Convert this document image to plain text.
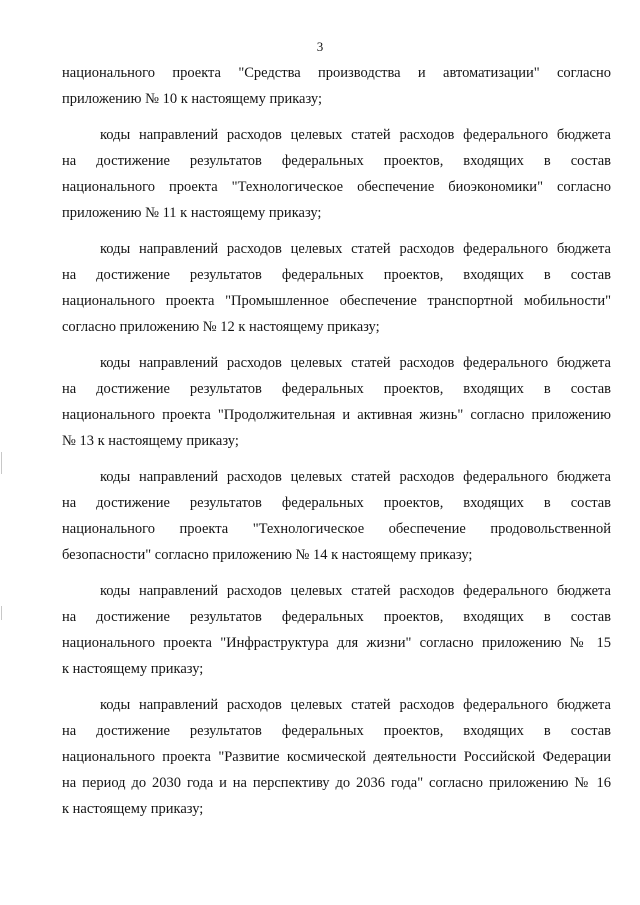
3

национального проекта "Средства производства и автоматизации" согласно
приложению № 10 к настоящему приказу;

коды направлений расходов целевых статей расходов федерального бюджета
на достижение результатов федеральных проектов, входящих в состав
национального проекта "Технологическое обеспечение биоэкономики" согласно
приложению № 11 к настоящему приказу;

коды направлений расходов целевых статей расходов федерального бюджета
на достижение результатов федеральных проектов, входящих в состав
национального проекта "Промышленное обеспечение транспортной мобильности"
согласно приложению № 12 к настоящему приказу;

коды направлений расходов целевых статей расходов федерального бюджета
на достижение результатов федеральных проектов, входящих в состав
национального проекта "Продолжительная и активная жизнь" согласно приложению
№ 13 к настоящему приказу;

коды направлений расходов целевых статей расходов федерального бюджета
на достижение результатов федеральных проектов, входящих в состав
национального проекта "Технологическое обеспечение продовольственной
безопасности" согласно приложению № 14 к настоящему приказу;

коды направлений расходов целевых статей расходов федерального бюджета
на достижение результатов федеральных проектов, входящих в состав
национального проекта "Инфраструктура для жизни" согласно приложению № 15
к настоящему приказу;

коды направлений расходов целевых статей расходов федерального бюджета
на достижение результатов федеральных проектов, входящих в состав
национального проекта "Развитие космической деятельности Российской Федерации
на период до 2030 года и на перспективу до 2036 года" согласно приложению № 16
к настоящему приказу;
